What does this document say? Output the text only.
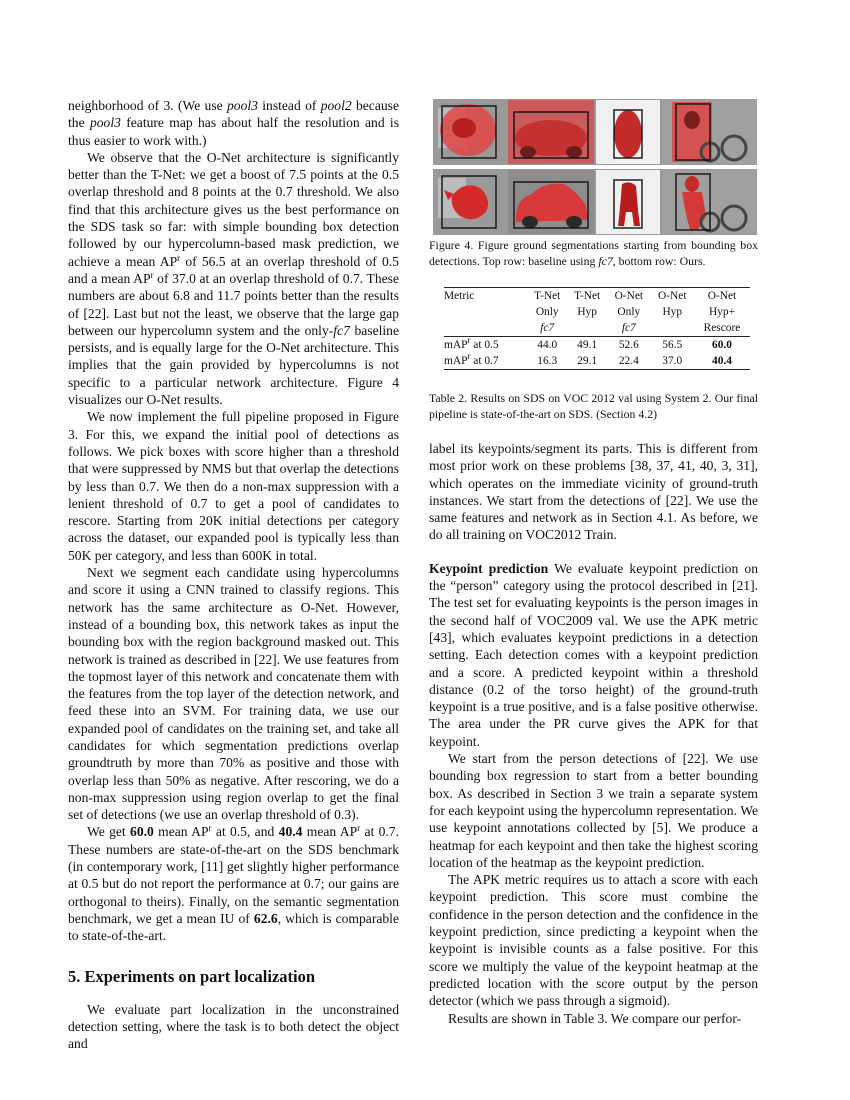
neighborhood of 3. (We use pool3 instead of pool2 because the pool3 feature map has about half the resolution and is thus easier to work with.)

We observe that the O-Net architecture is significantly better than the T-Net: we get a boost of 7.5 points at the 0.5 overlap threshold and 8 points at the 0.7 threshold. We also find that this architecture gives us the best performance on the SDS task so far: with simple bounding box detection followed by our hypercolumn-based mask prediction, we achieve a mean $AP^r$ of 56.5 at an overlap threshold of 0.5 and a mean $AP^r$ of 37.0 at an overlap threshold of 0.7. These numbers are about 6.8 and 11.7 points better than the results of [22]. Last but not the least, we observe that the large gap between our hypercolumn system and the only-fc7 baseline persists, and is equally large for the O-Net architecture. This implies that the gain provided by hypercolumns is not specific to a particular network architecture. Figure 4 visualizes our O-Net results.

We now implement the full pipeline proposed in Figure 3. For this, we expand the initial pool of detections as follows. We pick boxes with score higher than a threshold that were suppressed by NMS but that overlap the detections by less than 0.7. We then do a non-max suppression with a lenient threshold of 0.7 to get a pool of candidates to rescore. Starting from 20K initial detections per category across the dataset, our expanded pool is typically less than 50K per category, and less than 600K in total.

Next we segment each candidate using hypercolumns and score it using a CNN trained to classify regions. This network has the same architecture as O-Net. However, instead of a bounding box, this network takes as input the bounding box with the region background masked out. This network is trained as described in [22]. We use features from the topmost layer of this network and concatenate them with the features from the top layer of the detection network, and feed these into an SVM. For training data, we use our expanded pool of candidates on the training set, and take all candidates for which segmentation predictions overlap groundtruth by more than 70% as positive and those with overlap less than 50% as negative. After rescoring, we do a non-max suppression using region overlap to get the final set of detections (we use an overlap threshold of 0.3).

We get 60.0 mean $AP^r$ at 0.5, and 40.4 mean $AP^r$ at 0.7. These numbers are state-of-the-art on the SDS benchmark (in contemporary work, [11] get slightly higher performance at 0.5 but do not report the performance at 0.7; our gains are orthogonal to theirs). Finally, on the semantic segmentation benchmark, we get a mean IU of 62.6, which is comparable to state-of-the-art.

5. Experiments on part localization

We evaluate part localization in the unconstrained detection setting, where the task is to both detect the object and

Figure 4. Figure ground segmentations starting from bounding box detections. Top row: baseline using fc7, bottom row: Ours.
Metric	T-Net	T-Net	O-Net	O-Net	O-Net
	Only	Hyp	Only	Hyp	Hyp+
	fc7		fc7		Rescore
mAP$^r$ at 0.5	44.0	49.1	52.6	56.5	60.0
mAP$^r$ at 0.7	16.3	29.1	22.4	37.0	40.4
Table 2. Results on SDS on VOC 2012 val using System 2. Our final pipeline is state-of-the-art on SDS. (Section 4.2)

label its keypoints/segment its parts. This is different from most prior work on these problems [38, 37, 41, 40, 3, 31], which operates on the immediate vicinity of ground-truth instances. We start from the detections of [22]. We use the same features and network as in Section 4.1. As before, we do all training on VOC2012 Train.

Keypoint prediction We evaluate keypoint prediction on the “person” category using the protocol described in [21]. The test set for evaluating keypoints is the person images in the second half of VOC2009 val. We use the APK metric [43], which evaluates keypoint predictions in a detection setting. Each detection comes with a keypoint prediction and a score. A predicted keypoint within a threshold distance (0.2 of the torso height) of the ground-truth keypoint is a true positive, and is a false positive otherwise. The area under the PR curve gives the APK for that keypoint.

We start from the person detections of [22]. We use bounding box regression to start from a better bounding box. As described in Section 3 we train a separate system for each keypoint using the hypercolumn representation. We use keypoint annotations collected by [5]. We produce a heatmap for each keypoint and then take the highest scoring location of the heatmap as the keypoint prediction.

The APK metric requires us to attach a score with each keypoint prediction. This score must combine the confidence in the person detection and the confidence in the keypoint prediction, since predicting a keypoint when the keypoint is invisible counts as a false positive. For this score we multiply the value of the keypoint heatmap at the predicted location with the score output by the person detector (which we pass through a sigmoid).

Results are shown in Table 3. We compare our perfor-
